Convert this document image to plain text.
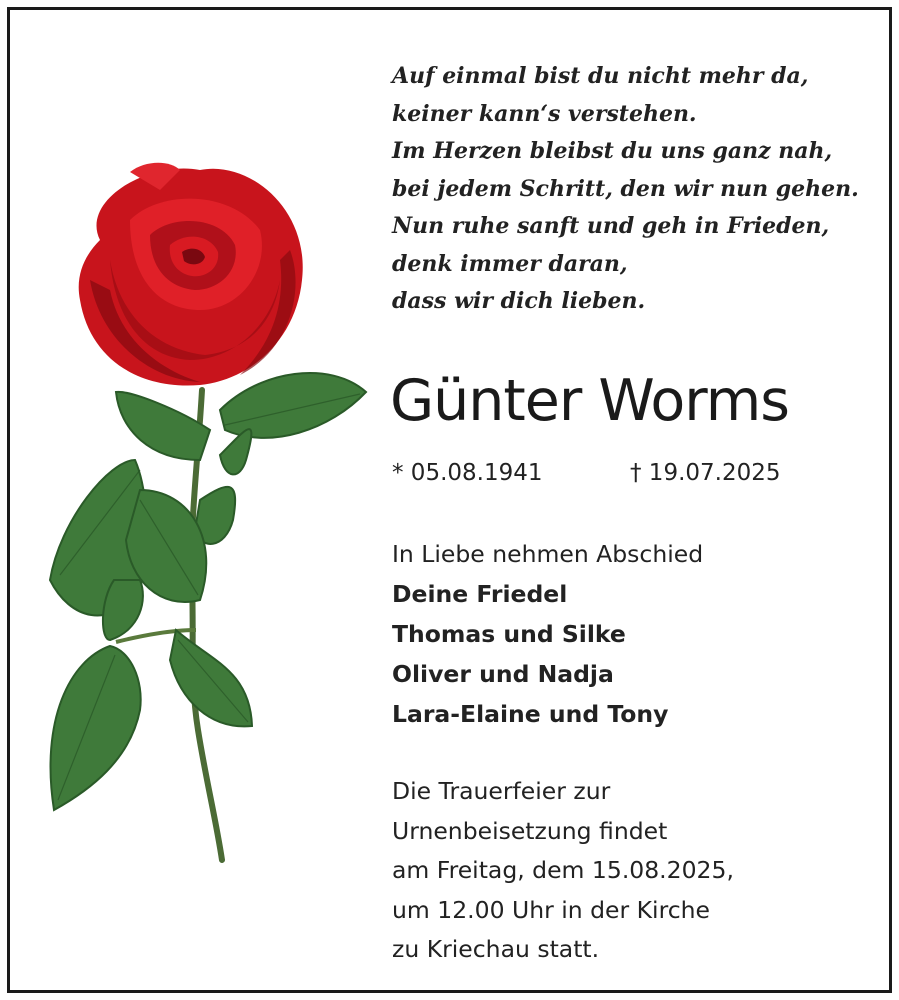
Auf einmal bist du nicht mehr da,
keiner kann‘s verstehen.
Im Herzen bleibst du uns ganz nah,
bei jedem Schritt, den wir nun gehen.
Nun ruhe sanft und geh in Frieden,
denk immer daran,
dass wir dich lieben.
Günter Worms
* 05.08.1941	† 19.07.2025
In Liebe nehmen Abschied
Deine Friedel
Thomas und Silke
Oliver und Nadja
Lara-Elaine und Tony
Die Trauerfeier zur
Urnenbeisetzung findet
am Freitag, dem 15.08.2025,
um 12.00 Uhr in der Kirche
zu Kriechau statt.
